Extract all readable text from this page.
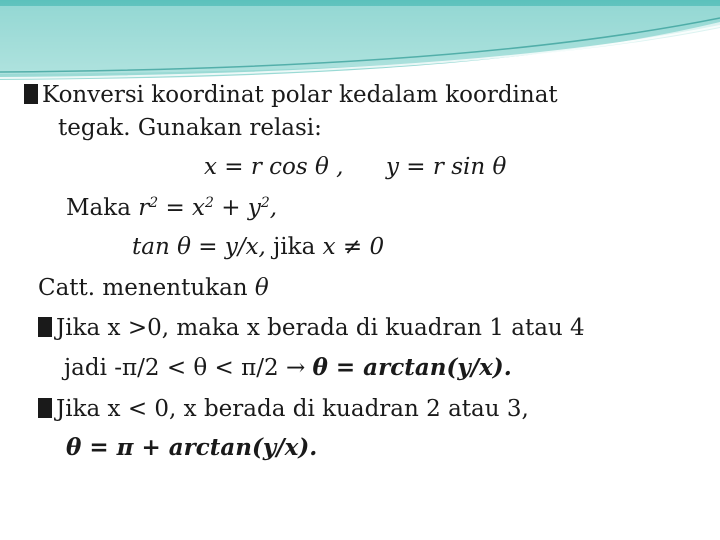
Konversi koordinat polar kedalam koordinat
tegak. Gunakan relasi:
x = r cos θ , y = r sin θ
Maka $r^2 = x^2 + y^2$,
tan θ = y/x, jika x ≠ 0
Catt. menentukan θ
Jika x >0, maka x berada di kuadran 1 atau 4
jadi -π/2 < θ < π/2 → θ = arctan(y/x).
Jika x < 0, x berada di kuadran 2 atau 3,
θ = π + arctan(y/x).
